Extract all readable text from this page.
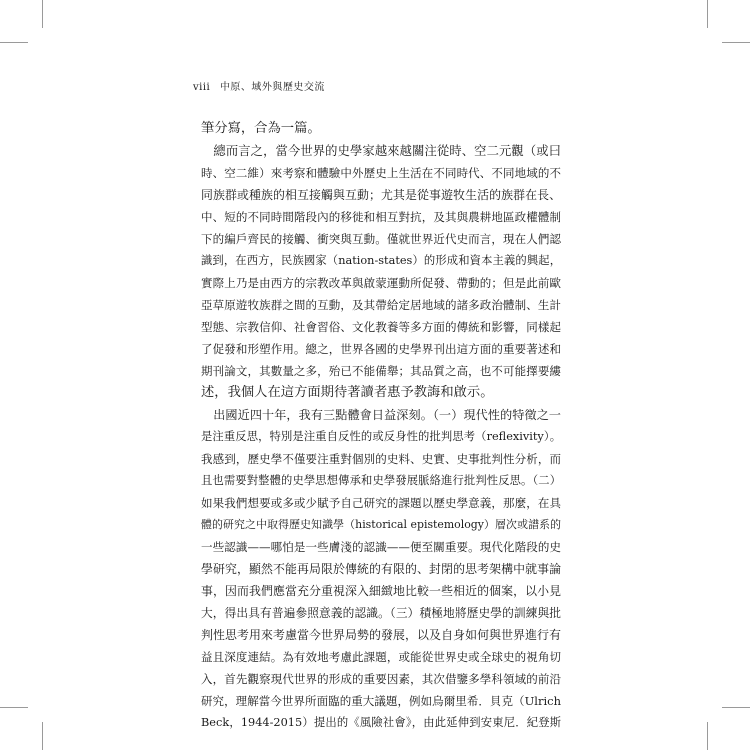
viii 中原、域外與歷史交流
筆分寫，合為一篇。
　總而言之，當今世界的史學家越來越關注從時、空二元觀（或曰
時、空二維）來考察和體驗中外歷史上生活在不同時代、不同地域的不
同族群或種族的相互接觸與互動；尤其是從事遊牧生活的族群在長、
中、短的不同時間階段內的移徙和相互對抗，及其與農耕地區政權體制
下的編戶齊民的接觸、衝突與互動。僅就世界近代史而言，現在人們認
識到，在西方，民族國家（nation-states）的形成和資本主義的興起，
實際上乃是由西方的宗教改革與啟蒙運動所促發、帶動的；但是此前歐
亞草原遊牧族群之間的互動，及其帶給定居地域的諸多政治體制、生計
型態、宗教信仰、社會習俗、文化教養等多方面的傳統和影響，同樣起
了促發和形塑作用。總之，世界各國的史學界刊出這方面的重要著述和
期刊論文，其數量之多，殆已不能備舉；其品質之高，也不可能擇要縷
述，我個人在這方面期待著讀者惠予教誨和啟示。
　出國近四十年，我有三點體會日益深刻。（一）現代性的特徵之一
是注重反思，特別是注重自反性的或反身性的批判思考（reflexivity）。
我感到，歷史學不僅要注重對個別的史料、史實、史事批判性分析，而
且也需要對整體的史學思想傳承和史學發展脈絡進行批判性反思。（二）
如果我們想要或多或少賦予自己研究的課題以歷史學意義，那麼，在具
體的研究之中取得歷史知識學（historical epistemology）層次或譜系的
一些認識——哪怕是一些膚淺的認識——便至關重要。現代化階段的史
學研究，顯然不能再局限於傳統的有限的、封閉的思考架構中就事論
事，因而我們應當充分重視深入細緻地比較一些相近的個案，以小見
大，得出具有普遍參照意義的認識。（三）積極地將歷史學的訓練與批
判性思考用來考慮當今世界局勢的發展，以及自身如何與世界進行有
益且深度連結。為有效地考慮此課題，或能從世界史或全球史的視角切
入，首先觀察現代世界的形成的重要因素，其次借鑒多學科領域的前沿
研究，理解當今世界所面臨的重大議題，例如烏爾里希．貝克（Ulrich
Beck，1944-2015）提出的《風險社會》，由此延伸到安東尼．紀登斯
